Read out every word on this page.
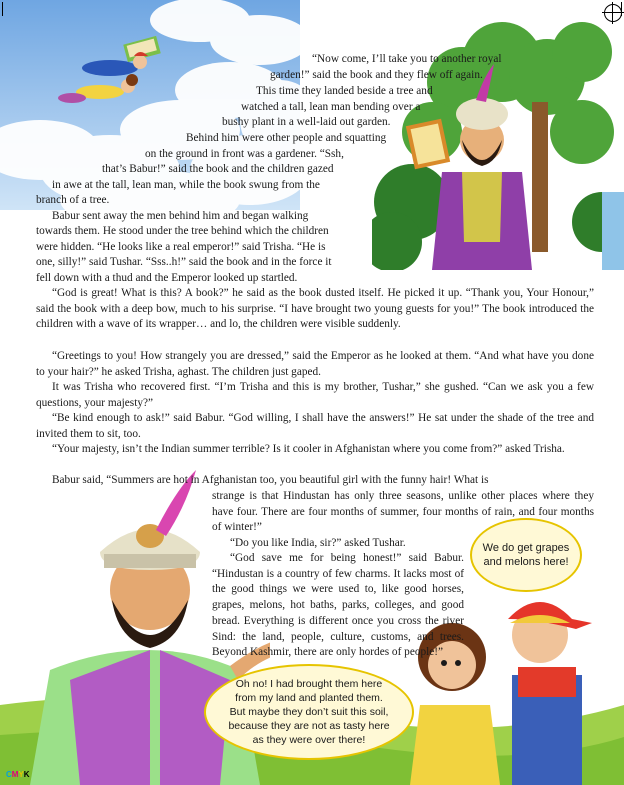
We do get grapes and melons here!
Oh no! I had brought them here from my land and planted them. But maybe they don’t suit this soil, because they are not as tasty here as they were over there!

“Now come, I’ll take you to another royal

garden!” said the book and they flew off again.

This time they landed beside a tree and

watched a tall, lean man bending over a

bushy plant in a well-laid out garden.

Behind him were other people and squatting

on the ground in front was a gardener. “Ssh,

that’s Babur!” said the book and the children gazed

in awe at the tall, lean man, while the book swung from the

branch of a tree.

Babur sent away the men behind him and began walking

towards them. He stood under the tree behind which the children

were hidden. “He looks like a real emperor!” said Trisha. “He is

one, silly!” said Tushar. “Sss..h!” said the book and in the force it

fell down with a thud and the Emperor looked up startled.

“God is great! What is this? A book?” he said as the book dusted itself. He picked it up. “Thank you, Your Honour,” said the book with a deep bow, much to his surprise. “I have brought two young guests for you!” The book introduced the children with a wave of its wrapper… and lo, the children were visible suddenly.

“Greetings to you! How strangely you are dressed,” said the Emperor as he looked at them. “And what have you done to your hair?” he asked Trisha, aghast. The children just gaped.

It was Trisha who recovered first. “I’m Trisha and this is my brother, Tushar,” she gushed. “Can we ask you a few questions, your majesty?”

“Be kind enough to ask!” said Babur. “God willing, I shall have the answers!” He sat under the shade of the tree and invited them to sit, too.

“Your majesty, isn’t the Indian summer terrible? Is it cooler in Afghanistan where you come from?” asked Trisha.

Babur said, “Summers are hot in Afghanistan too, you beautiful girl with the funny hair! What is

strange is that Hindustan has only three seasons, unlike other places where they have four. There are four months of summer, four months of rain, and four months of winter!”

“Do you like India, sir?” asked Tushar.

“God save me for being honest!” said Babur. “Hindustan is a country of few charms. It lacks most of the good things we were used to, like good horses, grapes, melons, hot baths, parks, colleges, and good bread. Everything is different once you cross the river Sind: the land, people, culture, customs, and trees. Beyond Kashmir, there are only hordes of people!”

CMYK
